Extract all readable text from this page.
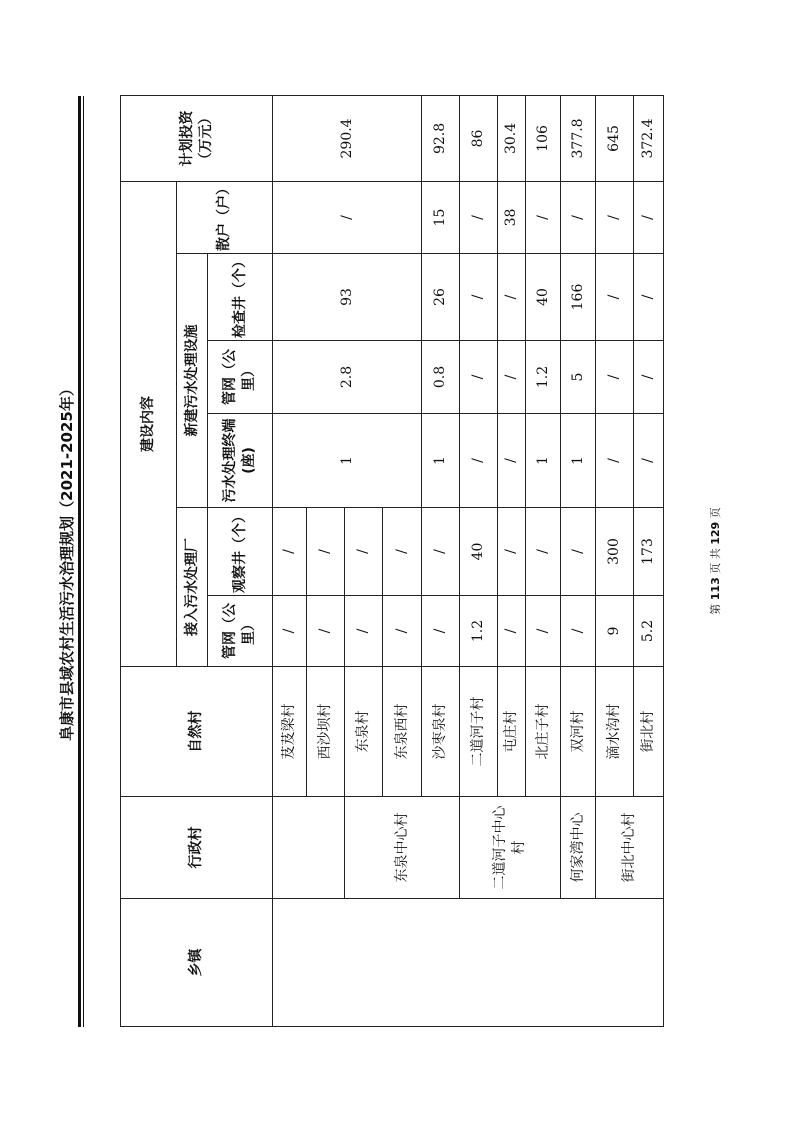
阜康市县域农村生活污水治理规划（2021-2025年）
乡镇	行政村	自然村	建设内容						计划投资（万元）

			接入污水处理厂		新建污水处理设施			散户（户）	

			管网（公里）	观察井（个）	污水处理终端(座)	管网（公里）	检查井（个）		

		芨芨梁村	/	/	1	2.8	93	/	290.4
		西沙坝村	/	/					
	东泉中心村	东泉村	/	/					
		东泉西村	/	/					
		沙枣泉村	/	/	1	0.8	26	15	92.8

	二道河子中心村	二道河子村	1.2	40	/	/	/	/	86
		屯庄村	/	/	/	/	/	38	30.4
		北庄子村	/	/	1	1.2	40	/	106
	何家湾中心	双河村	/	/	1	5	166	/	377.8
	街北中心村	滴水沟村	9	300	/	/	/	/	645
		街北村	5.2	173	/	/	/	/	372.4
第 113 页 共 129 页
